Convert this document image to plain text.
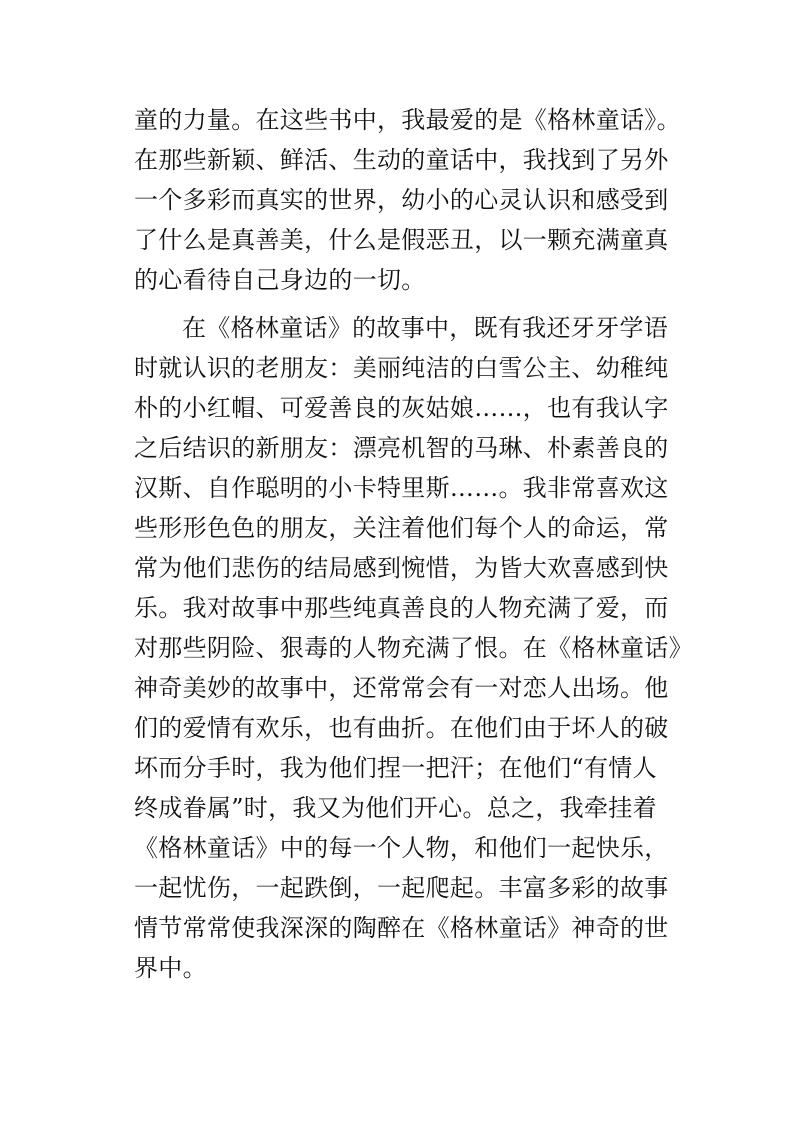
童的力量。在这些书中，我最爱的是《格林童话》。
在那些新颖、鲜活、生动的童话中，我找到了另外
一个多彩而真实的世界，幼小的心灵认识和感受到
了什么是真善美，什么是假恶丑，以一颗充满童真
的心看待自己身边的一切。
在《格林童话》的故事中，既有我还牙牙学语
时就认识的老朋友：美丽纯洁的白雪公主、幼稚纯
朴的小红帽、可爱善良的灰姑娘……，也有我认字
之后结识的新朋友：漂亮机智的马琳、朴素善良的
汉斯、自作聪明的小卡特里斯……。我非常喜欢这
些形形色色的朋友，关注着他们每个人的命运，常
常为他们悲伤的结局感到惋惜，为皆大欢喜感到快
乐。我对故事中那些纯真善良的人物充满了爱，而
对那些阴险、狠毒的人物充满了恨。在《格林童话》
神奇美妙的故事中，还常常会有一对恋人出场。他
们的爱情有欢乐，也有曲折。在他们由于坏人的破
坏而分手时，我为他们捏一把汗；在他们“有情人
终成眷属”时，我又为他们开心。总之，我牵挂着
《格林童话》中的每一个人物，和他们一起快乐，
一起忧伤，一起跌倒，一起爬起。丰富多彩的故事
情节常常使我深深的陶醉在《格林童话》神奇的世
界中。
